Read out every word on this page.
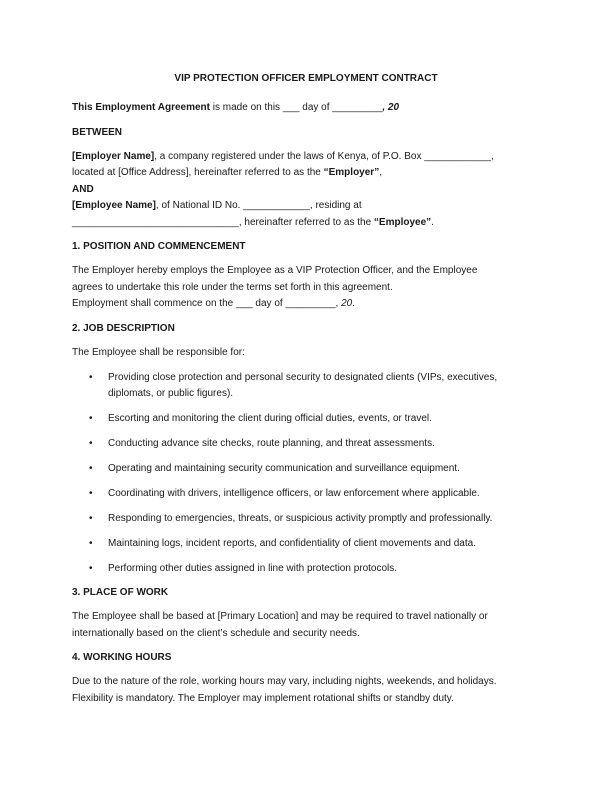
VIP PROTECTION OFFICER EMPLOYMENT CONTRACT

This Employment Agreement is made on this ___ day of _________, 20

BETWEEN

[Employer Name], a company registered under the laws of Kenya, of P.O. Box ____________,

located at [Office Address], hereinafter referred to as the “Employer”,

AND

[Employee Name], of National ID No. ____________, residing at

______________________________, hereinafter referred to as the “Employee”.

1. POSITION AND COMMENCEMENT

The Employer hereby employs the Employee as a VIP Protection Officer, and the Employee

agrees to undertake this role under the terms set forth in this agreement.

Employment shall commence on the ___ day of _________, 20.

2. JOB DESCRIPTION

The Employee shall be responsible for:

• Providing close protection and personal security to designated clients (VIPs, executives,
diplomats, or public figures).
• Escorting and monitoring the client during official duties, events, or travel.
• Conducting advance site checks, route planning, and threat assessments.
• Operating and maintaining security communication and surveillance equipment.
• Coordinating with drivers, intelligence officers, or law enforcement where applicable.
• Responding to emergencies, threats, or suspicious activity promptly and professionally.
• Maintaining logs, incident reports, and confidentiality of client movements and data.
• Performing other duties assigned in line with protection protocols.
3. PLACE OF WORK

The Employee shall be based at [Primary Location] and may be required to travel nationally or

internationally based on the client’s schedule and security needs.

4. WORKING HOURS

Due to the nature of the role, working hours may vary, including nights, weekends, and holidays.

Flexibility is mandatory. The Employer may implement rotational shifts or standby duty.
